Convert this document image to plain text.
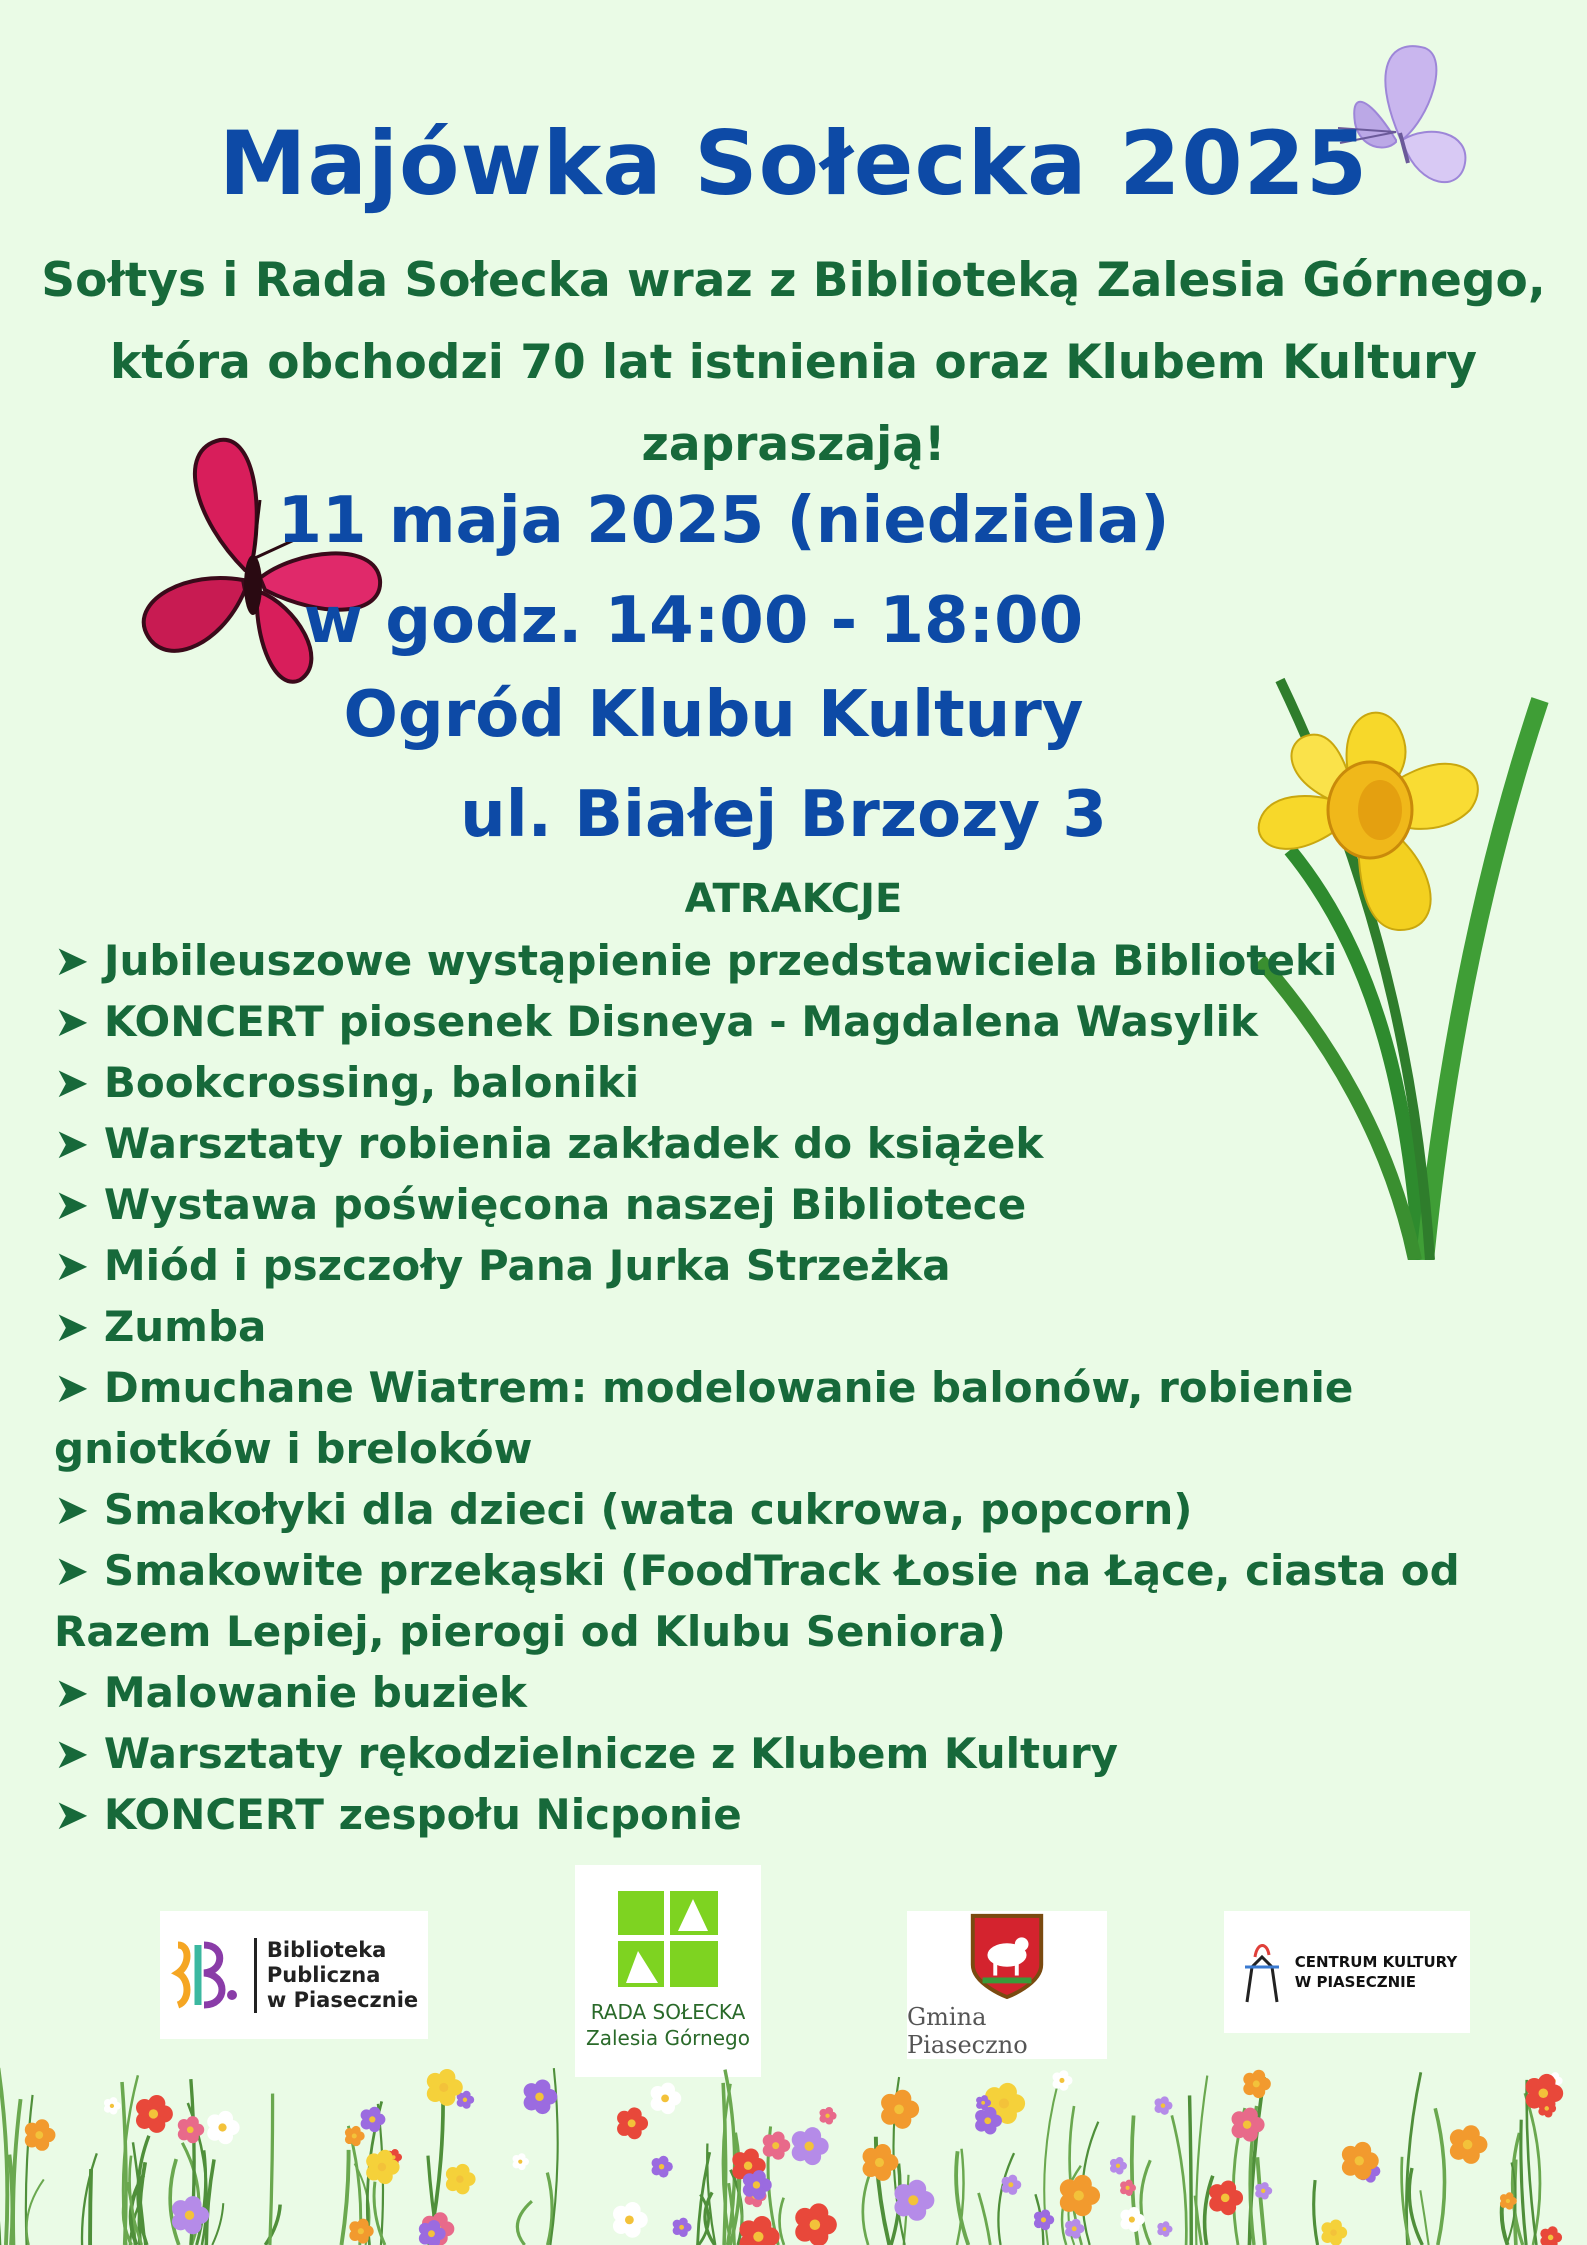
Majówka Sołecka 2025
Sołtys i Rada Sołecka wraz z Biblioteką Zalesia Górnego, która obchodzi 70 lat istnienia oraz Klubem Kultury zapraszają!
11 maja 2025 (niedziela)
w godz. 14:00 - 18:00
Ogród Klubu Kultury
ul. Białej Brzozy 3
ATRAKCJE
➤ Jubileuszowe wystąpienie przedstawiciela Biblioteki
➤ KONCERT piosenek Disneya - Magdalena Wasylik
➤ Bookcrossing, baloniki
➤ Warsztaty robienia zakładek do książek
➤ Wystawa poświęcona naszej Bibliotece
➤ Miód i pszczoły Pana Jurka Strzeżka
➤ Zumba
➤ Dmuchane Wiatrem: modelowanie balonów, robienie gniotków i breloków
➤ Smakołyki dla dzieci (wata cukrowa, popcorn)
➤ Smakowite przekąski (FoodTrack Łosie na Łące, ciasta od Razem Lepiej, pierogi od Klubu Seniora)
➤ Malowanie buziek
➤ Warsztaty rękodzielnicze z Klubem Kultury
➤ KONCERT zespołu Nicponie
Biblioteka
Publiczna
w Piasecznie
RADA SOŁECKA
Zalesia Górnego
Gmina Piaseczno
CENTRUM KULTURY
W PIASECZNIE
